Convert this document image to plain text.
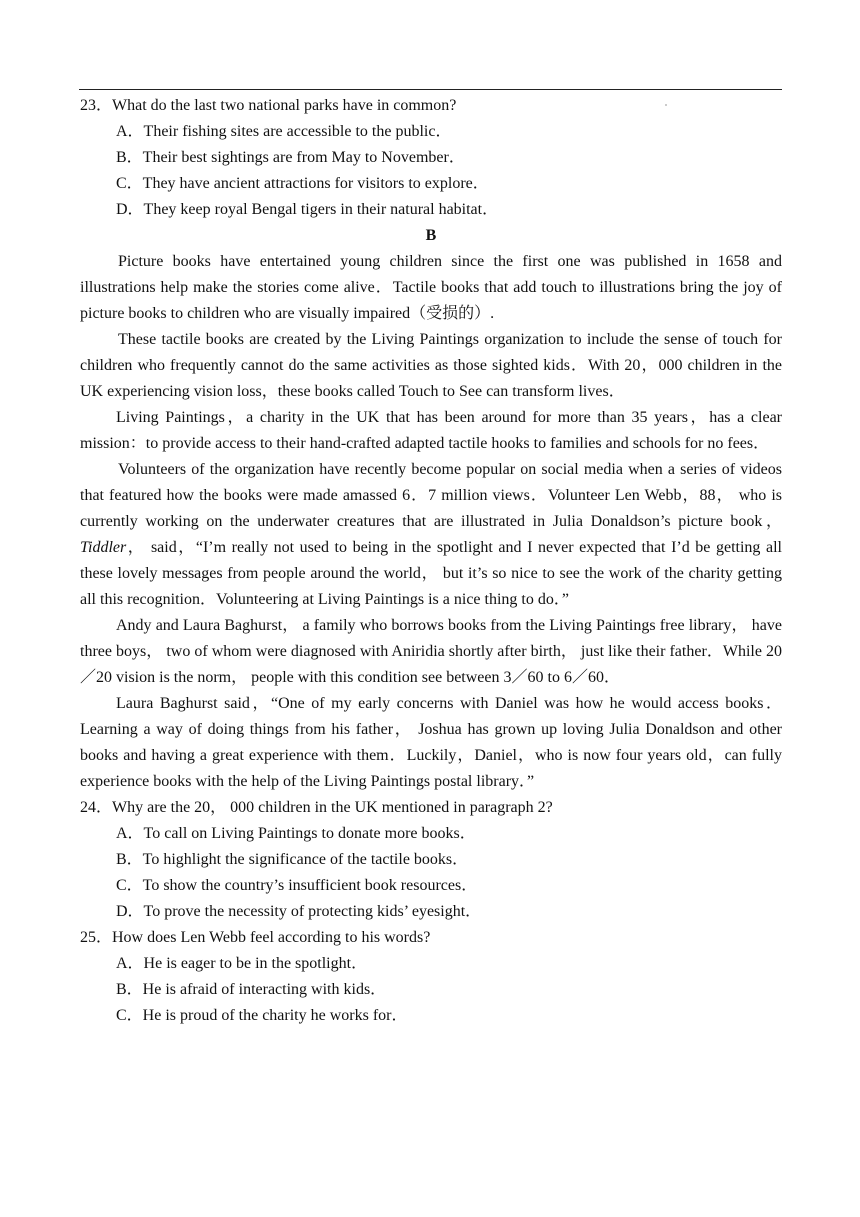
23．What do the last two national parks have in common?

A．Their fishing sites are accessible to the public．

B．Their best sightings are from May to November．

C．They have ancient attractions for visitors to explore．

D．They keep royal Bengal tigers in their natural habitat．

B

Picture books have entertained young children since the first one was published in 1658 and illustrations help make the stories come alive．Tactile books that add touch to illustrations bring the joy of picture books to children who are visually impaired（受损的）.

These tactile books are created by the Living Paintings organization to include the sense of touch for children who frequently cannot do the same activities as those sighted kids．With 20，000 children in the UK experiencing vision loss，these books called Touch to See can transform lives．

Living Paintings，a charity in the UK that has been around for more than 35 years，has a clear mission：to provide access to their hand-crafted adapted tactile hooks to families and schools for no fees．

Volunteers of the organization have recently become popular on social media when a series of videos that featured how the books were made amassed 6．7 million views．Volunteer Len Webb，88， who is currently working on the underwater creatures that are illustrated in Julia Donaldson’s picture book，Tiddler， said，“I’m really not used to being in the spotlight and I never expected that I’d be getting all these lovely messages from people around the world， but it’s so nice to see the work of the charity getting all this recognition．Volunteering at Living Paintings is a nice thing to do．”

Andy and Laura Baghurst， a family who borrows books from the Living Paintings free library， have three boys， two of whom were diagnosed with Aniridia shortly after birth， just like their father．While 20／20 vision is the norm， people with this condition see between 3／60 to 6／60．

Laura Baghurst said，“One of my early concerns with Daniel was how he would access books．Learning a way of doing things from his father， Joshua has grown up loving Julia Donaldson and other books and having a great experience with them．Luckily，Daniel，who is now four years old，can fully experience books with the help of the Living Paintings postal library．”

24．Why are the 20， 000 children in the UK mentioned in paragraph 2?

A．To call on Living Paintings to donate more books．

B．To highlight the significance of the tactile books．

C．To show the country’s insufficient book resources．

D．To prove the necessity of protecting kids’ eyesight．

25．How does Len Webb feel according to his words?

A．He is eager to be in the spotlight．

B．He is afraid of interacting with kids．

C．He is proud of the charity he works for．
